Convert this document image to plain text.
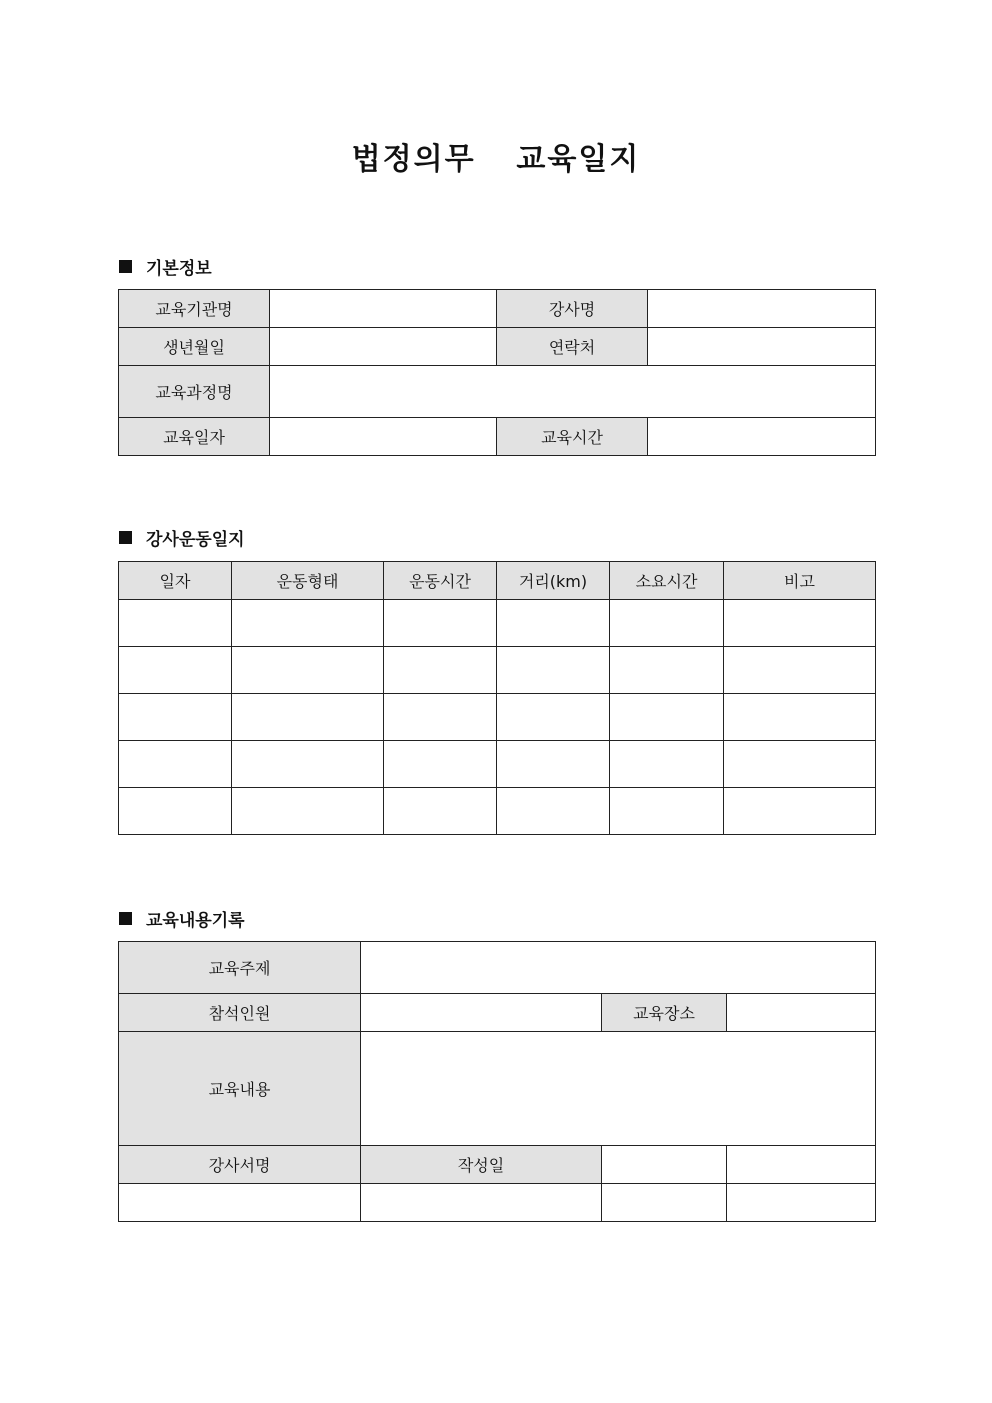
법정의무  교육일지
기본정보
교육기관명		강사명	
생년월일		연락처	
교육과정명			
교육일자		교육시간	
강사운동일지
일자	운동형태	운동시간	거리(km)	소요시간	비고

교육내용기록
교육주제			
참석인원		교육장소	
교육내용			
강사서명	작성일		
